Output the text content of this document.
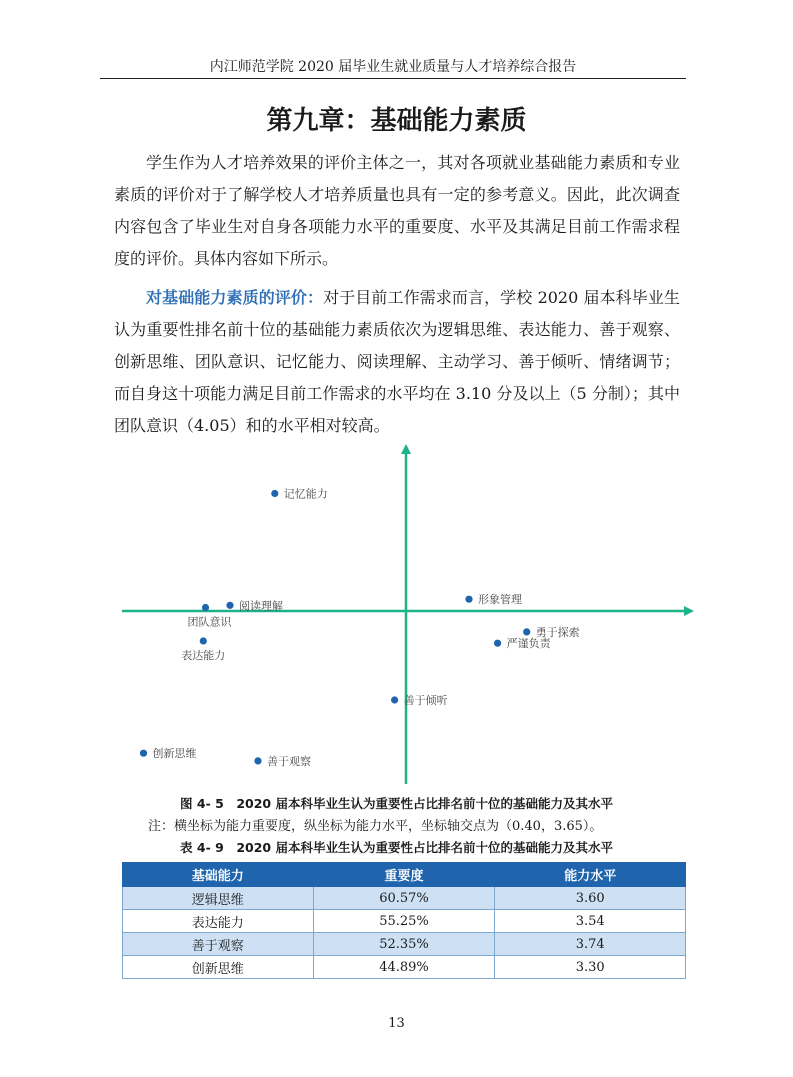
内江师范学院 2020 届毕业生就业质量与人才培养综合报告
第九章：基础能力素质

学生作为人才培养效果的评价主体之一，其对各项就业基础能力素质和专业素质的评价对于了解学校人才培养质量也具有一定的参考意义。因此，此次调查内容包含了毕业生对自身各项能力水平的重要度、水平及其满足目前工作需求程度的评价。具体内容如下所示。

对基础能力素质的评价：对于目前工作需求而言，学校 2020 届本科毕业生认为重要性排名前十位的基础能力素质依次为逻辑思维、表达能力、善于观察、创新思维、团队意识、记忆能力、阅读理解、主动学习、善于倾听、情绪调节；而自身这十项能力满足目前工作需求的水平均在 3.10 分及以上（5 分制）；其中团队意识（4.05）和的水平相对较高。

记忆能力
形象管理
阅读理解
团队意识
勇于探索
严谨负责
表达能力
善于倾听
创新思维
善于观察
图 4- 5　2020 届本科毕业生认为重要性占比排名前十位的基础能力及其水平
注：横坐标为能力重要度，纵坐标为能力水平，坐标轴交点为（0.40，3.65）。
表 4- 9　2020 届本科毕业生认为重要性占比排名前十位的基础能力及其水平
基础能力	重要度	能力水平
逻辑思维	60.57%	3.60
表达能力	55.25%	3.54
善于观察	52.35%	3.74
创新思维	44.89%	3.30
13
